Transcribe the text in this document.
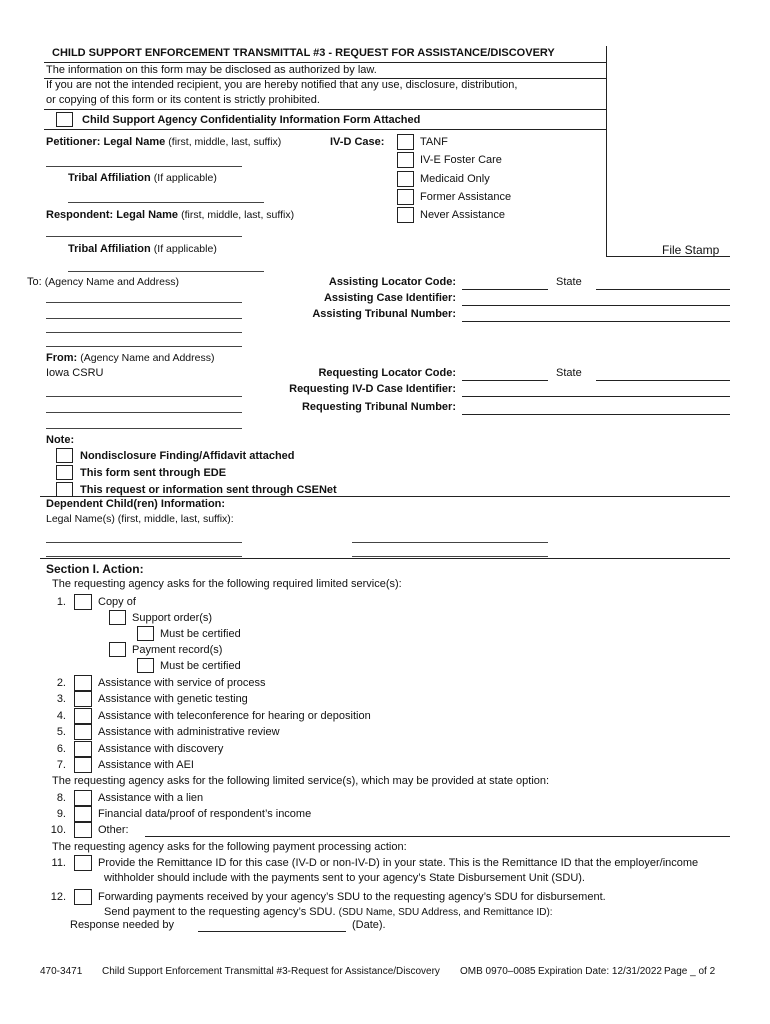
CHILD SUPPORT ENFORCEMENT TRANSMITTAL #3 - REQUEST FOR ASSISTANCE/DISCOVERY
The information on this form may be disclosed as authorized by law.
If you are not the intended recipient, you are hereby notified that any use, disclosure, distribution,
or copying of this form or its content is strictly prohibited.
Child Support Agency Confidentiality Information Form Attached
Petitioner: Legal Name (first, middle, last, suffix)
Tribal Affiliation (If applicable)
Respondent: Legal Name (first, middle, last, suffix)
Tribal Affiliation (If applicable)
IV-D Case:	TANF
IV-E Foster Care
Medicaid Only
Former Assistance
Never Assistance
File Stamp
To: (Agency Name and Address)	Assisting Locator Code:	State
Assisting Case Identifier:
Assisting Tribunal Number:
From: (Agency Name and Address)
Iowa CSRU	Requesting Locator Code:	State
Requesting IV-D Case Identifier:
Requesting Tribunal Number:
Note:
Nondisclosure Finding/Affidavit attached
This form sent through EDE
This request or information sent through CSENet
Dependent Child(ren) Information:
Legal Name(s) (first, middle, last, suffix):
Section I. Action:
The requesting agency asks for the following required limited service(s):
1.	Copy of
Support order(s)
Must be certified
Payment record(s)
Must be certified
2.	Assistance with service of process
3.	Assistance with genetic testing
4.	Assistance with teleconference for hearing or deposition
5.	Assistance with administrative review
6.	Assistance with discovery
7.	Assistance with AEI
The requesting agency asks for the following limited service(s), which may be provided at state option:
8.	Assistance with a lien
9.	Financial data/proof of respondent’s income
10.	Other:
The requesting agency asks for the following payment processing action:
11.	Provide the Remittance ID for this case (IV-D or non-IV-D) in your state. This is the Remittance ID that the employer/income
withholder should include with the payments sent to your agency’s State Disbursement Unit (SDU).
12.	Forwarding payments received by your agency’s SDU to the requesting agency’s SDU for disbursement.
Send payment to the requesting agency’s SDU. (SDU Name, SDU Address, and Remittance ID):
Response needed by	(Date).
470-3471 Child Support Enforcement Transmittal #3-Request for Assistance/Discovery OMB 0970–0085 Expiration Date: 12/31/2022 Page _ of 2
